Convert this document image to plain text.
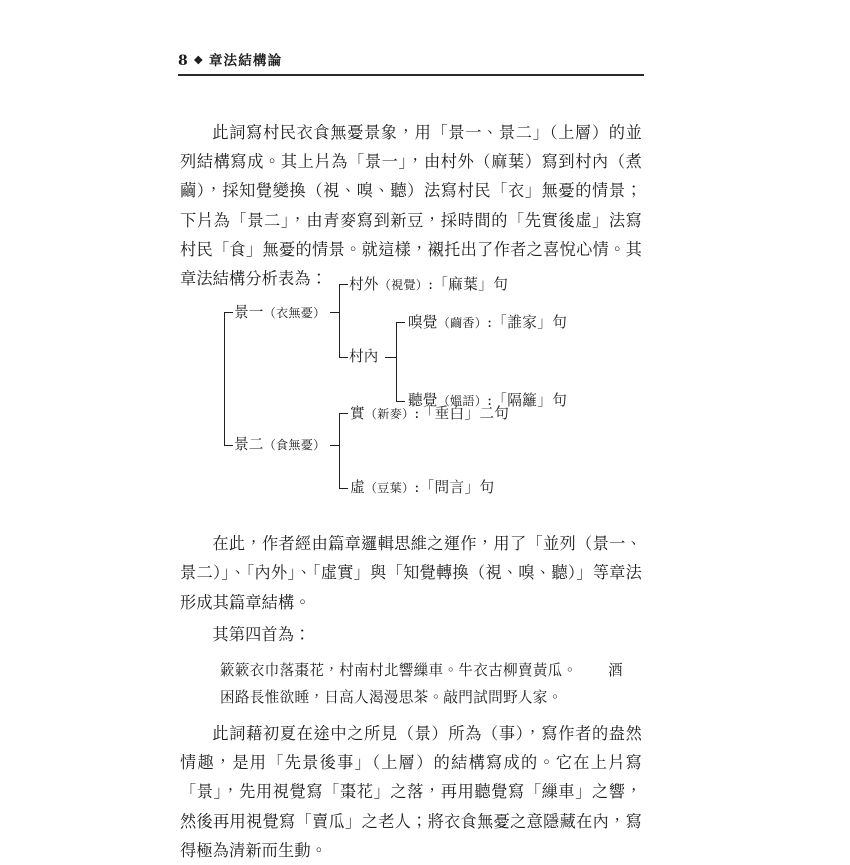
8 ❖ 章法結構論

此詞寫村民衣食無憂景象，用「景一、景二」（上層）的並列結構寫成。其上片為「景一」，由村外（麻葉）寫到村內（煮繭），採知覺變換（視、嗅、聽）法寫村民「衣」無憂的情景；下片為「景二」，由青麥寫到新豆，採時間的「先實後虛」法寫村民「食」無憂的情景。就這樣，襯托出了作者之喜悅心情。其章法結構分析表為：

在此，作者經由篇章邏輯思維之運作，用了「並列（景一、景二）」、「內外」、「虛實」與「知覺轉換（視、嗅、聽）」等章法形成其篇章結構。

其第四首為：

簌簌衣巾落棗花，村南村北響繅車。牛衣古柳賣黃瓜。 酒
困路長惟欲睡，日高人渴漫思茶。敲門試問野人家。

此詞藉初夏在途中之所見（景）所為（事），寫作者的盎然情趣，是用「先景後事」（上層）的結構寫成的。它在上片寫「景」，先用視覺寫「棗花」之落，再用聽覺寫「繅車」之響，然後再用視覺寫「賣瓜」之老人；將衣食無憂之意隱藏在內，寫得極為清新而生動。

景一（衣無憂）
村外（視覺）:「麻葉」句
村內
嗅覺（繭香）:「誰家」句
聽覺（媼語）:「隔籬」句
景二（食無憂）
實（新麥）:「垂白」二句
虛（豆葉）:「問言」句
